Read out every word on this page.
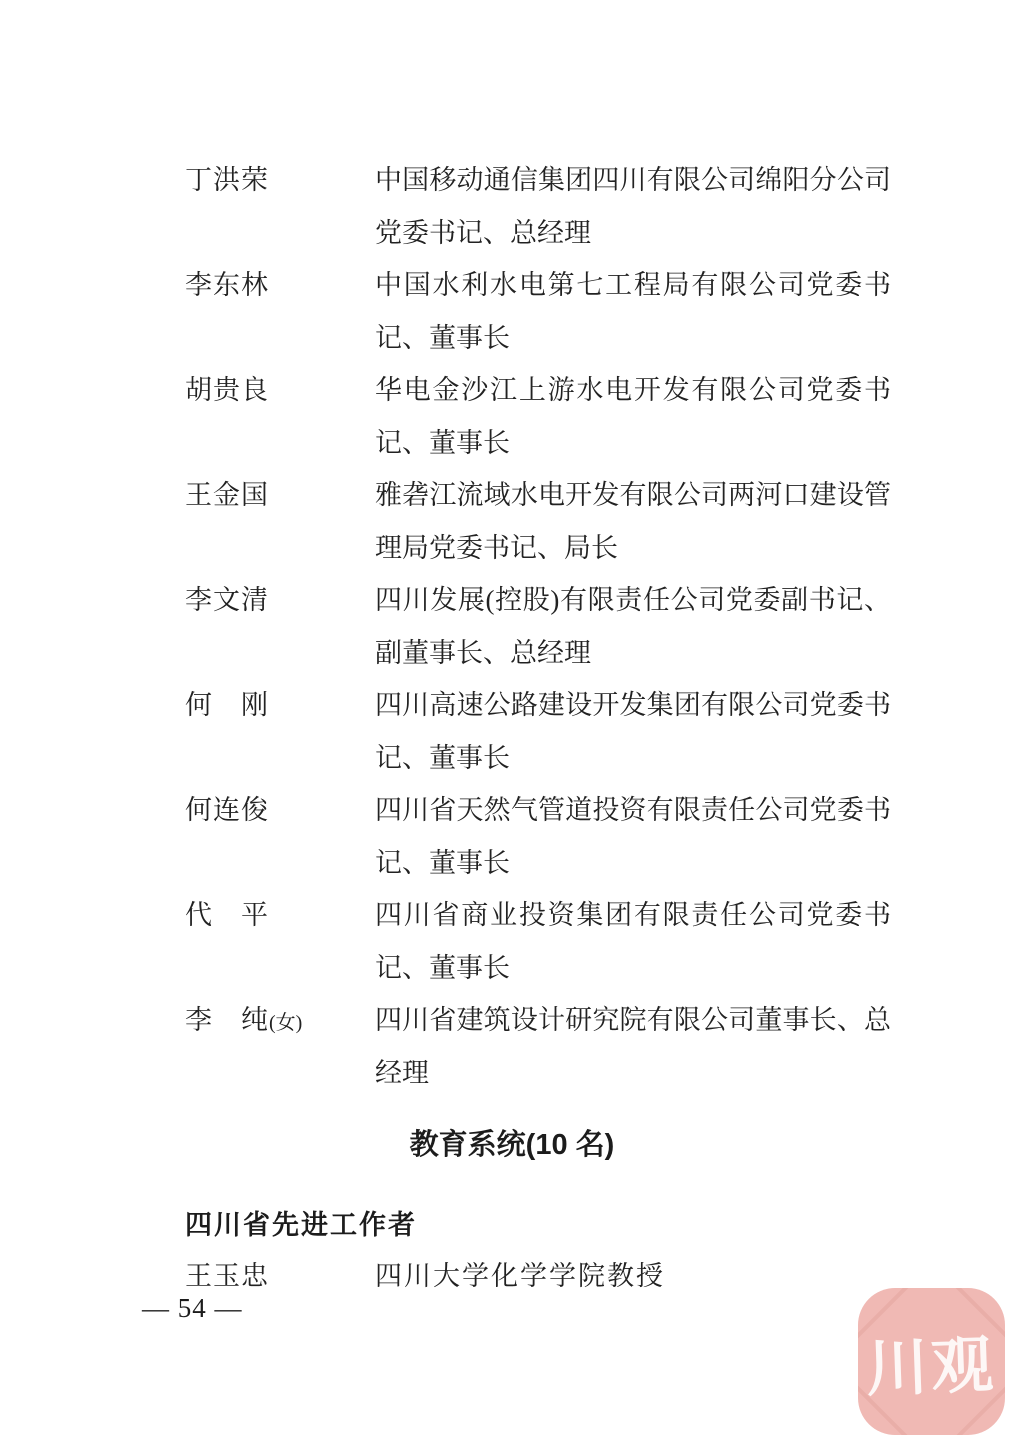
丁洪荣	中国移动通信集团四川有限公司绵阳分公司
党委书记、总经理
李东林	中国水利水电第七工程局有限公司党委书
记、董事长
胡贵良	华电金沙江上游水电开发有限公司党委书
记、董事长
王金国	雅砻江流域水电开发有限公司两河口建设管
理局党委书记、局长
李文清	四川发展(控股)有限责任公司党委副书记、
副董事长、总经理
何　刚	四川高速公路建设开发集团有限公司党委书
记、董事长
何连俊	四川省天然气管道投资有限责任公司党委书
记、董事长
代　平	四川省商业投资集团有限责任公司党委书
记、董事长
李　纯(女)	四川省建筑设计研究院有限公司董事长、总
经理
教育系统(10 名)
四川省先进工作者
王玉忠	四川大学化学学院教授
— 54 —
川观
